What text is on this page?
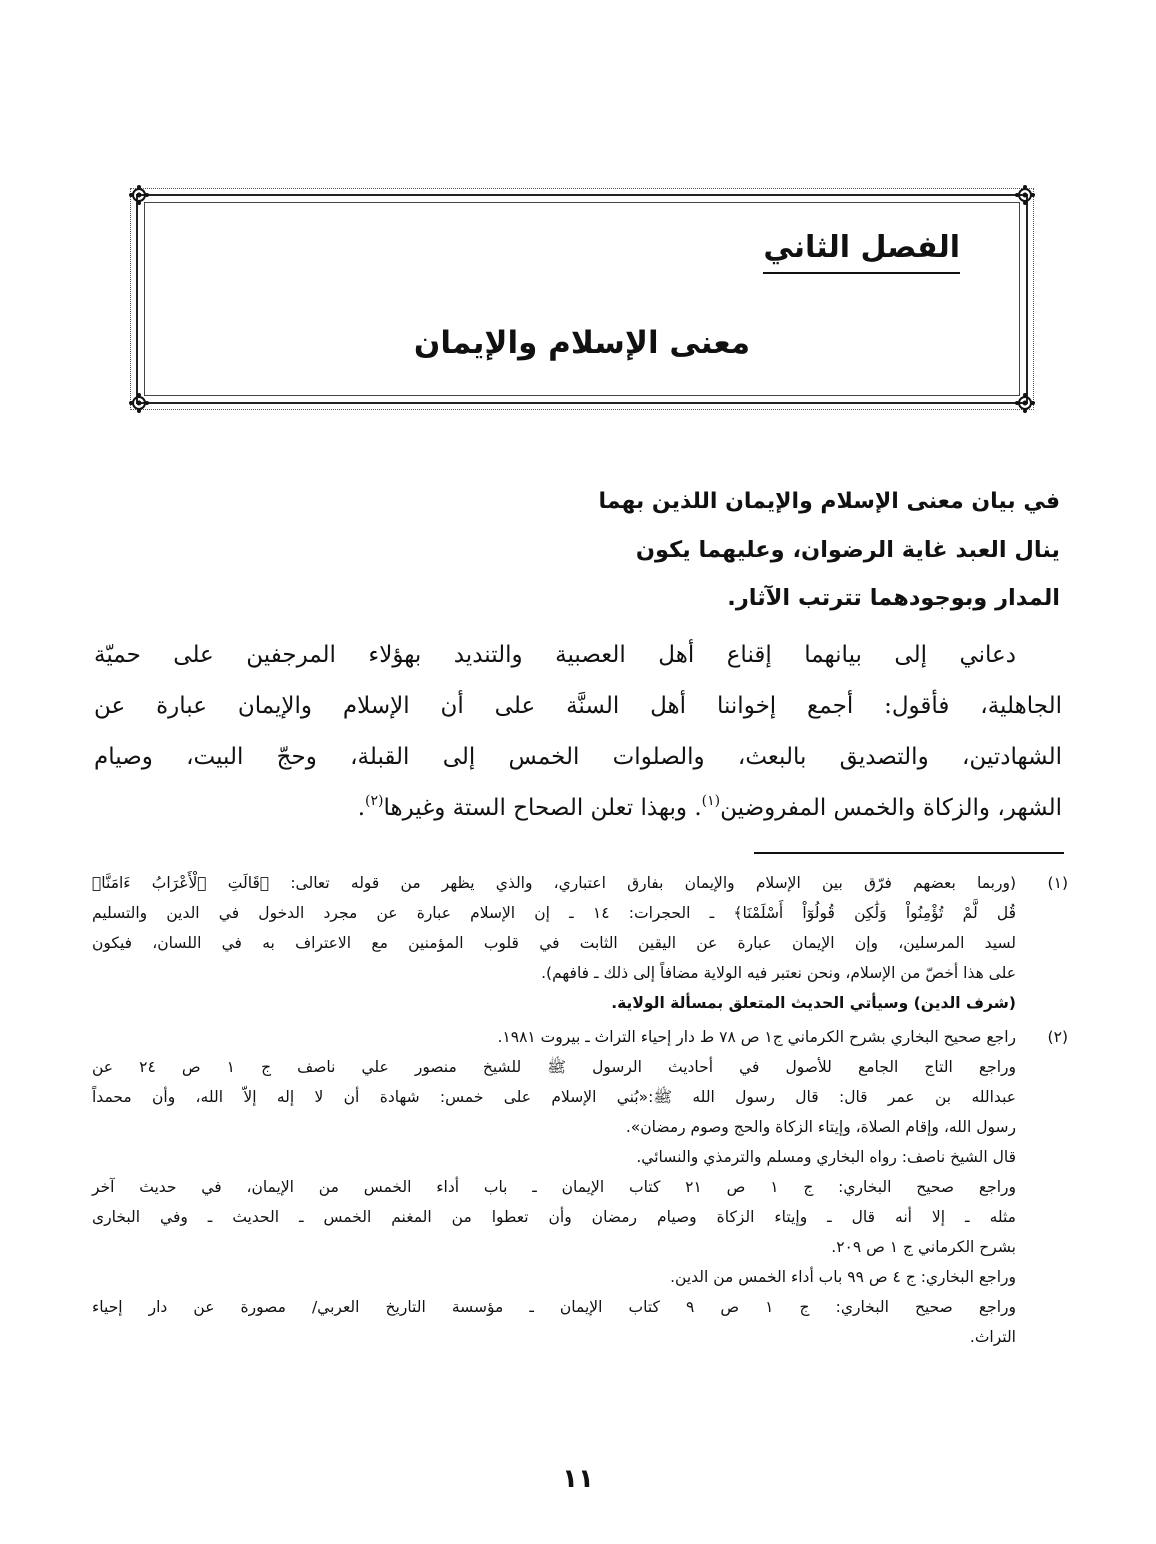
الفصل الثاني
معنى الإسلام والإيمان
في بيان معنى الإسلام والإيمان اللذين بهما
ينال العبد غاية الرضوان، وعليهما يكون
المدار وبوجودهما تترتب الآثار.
دعاني إلى بيانهما إقناع أهل العصبية والتنديد بهؤلاء المرجفين على حميّة
الجاهلية، فأقول: أجمع إخواننا أهل السنَّة على أن الإسلام والإيمان عبارة عن
الشهادتين، والتصديق بالبعث، والصلوات الخمس إلى القبلة، وحجّ البيت، وصيام
الشهر، والزكاة والخمس المفروضين$^{(١)}$. وبهذا تعلن الصحاح الستة وغيرها$^{(٢)}$.
(١)
(وربما بعضهم فرّق بين الإسلام والإيمان بفارق اعتباري، والذي يظهر من قوله تعالى: ﴿قَالَتِ ٱلْأَعْرَابُ ءَامَنَّاۖ
قُل لَّمْ تُؤْمِنُواْ وَلَٰكِن قُولُوٓاْ أَسْلَمْنَا﴾ ـ الحجرات: ١٤ ـ إن الإسلام عبارة عن مجرد الدخول في الدين والتسليم
لسيد المرسلين، وإن الإيمان عبارة عن اليقين الثابت في قلوب المؤمنين مع الاعتراف به في اللسان، فيكون
على هذا أخصّ من الإسلام، ونحن نعتبر فيه الولاية مضافاً إلى ذلك ـ فافهم).
(شرف الدين) وسيأتي الحديث المتعلق بمسألة الولاية.
(٢)
راجع صحيح البخاري بشرح الكرماني ج١ ص ٧٨ ط دار إحياء التراث ـ بيروت ١٩٨١.
وراجع التاج الجامع للأصول في أحاديث الرسول ﷺ للشيخ منصور علي ناصف ج ١ ص ٢٤ عن
عبدالله بن عمر قال: قال رسول الله ﷺ:«بُني الإسلام على خمس: شهادة أن لا إله إلاّ الله، وأن محمداً
رسول الله، وإقام الصلاة، وإيتاء الزكاة والحج وصوم رمضان».
قال الشيخ ناصف: رواه البخاري ومسلم والترمذي والنسائي.
وراجع صحيح البخاري: ج ١ ص ٢١ كتاب الإيمان ـ باب أداء الخمس من الإيمان، في حديث آخر
مثله ـ إلا أنه قال ـ وإيتاء الزكاة وصيام رمضان وأن تعطوا من المغنم الخمس ـ الحديث ـ وفي البخارى
بشرح الكرماني ج ١ ص ٢٠٩.
وراجع البخاري: ج ٤ ص ٩٩ باب أداء الخمس من الدين.
وراجع صحيح البخاري: ج ١ ص ٩ كتاب الإيمان ـ مؤسسة التاريخ العربي/ مصورة عن دار إحياء
التراث.
١١
